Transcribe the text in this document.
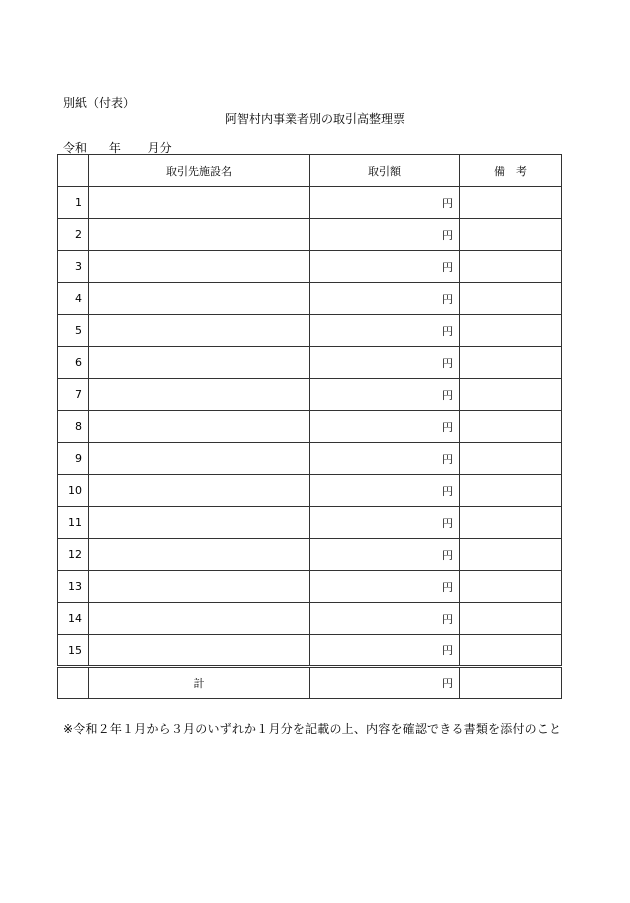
別紙（付表）
阿智村内事業者別の取引高整理票
令和 年 月分
	取引先施設名	取引額	備　考
1		円	
2		円	
3		円	
4		円	
5		円	
6		円	
7		円	
8		円	
9		円	
10		円	
11		円	
12		円	
13		円	
14		円	
15		円	
	計	円	
※令和２年１月から３月のいずれか１月分を記載の上、内容を確認できる書類を添付のこと
